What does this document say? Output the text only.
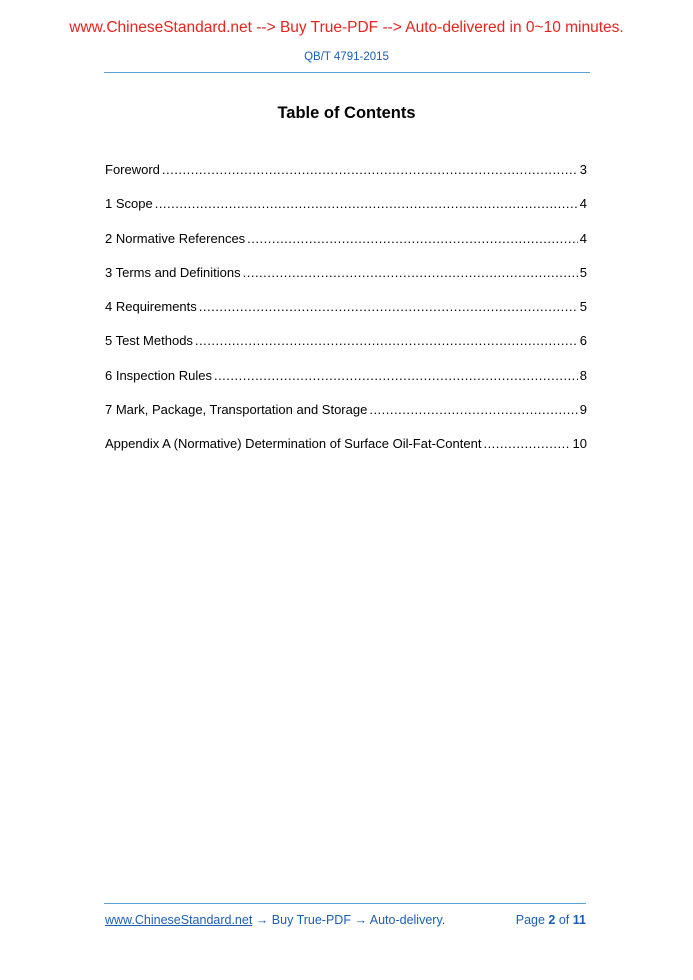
www.ChineseStandard.net --> Buy True-PDF --> Auto-delivered in 0~10 minutes.
QB/T 4791-2015
Table of Contents
Foreword .....	3
1 Scope .....	4
2 Normative References .....	4
3 Terms and Definitions .....	5
4 Requirements .....	5
5 Test Methods .....	6
6 Inspection Rules .....	8
7 Mark, Package, Transportation and Storage .....	9
Appendix A (Normative) Determination of Surface Oil-Fat-Content .....	10
www.ChineseStandard.net → Buy True-PDF → Auto-delivery.	Page 2 of 11
